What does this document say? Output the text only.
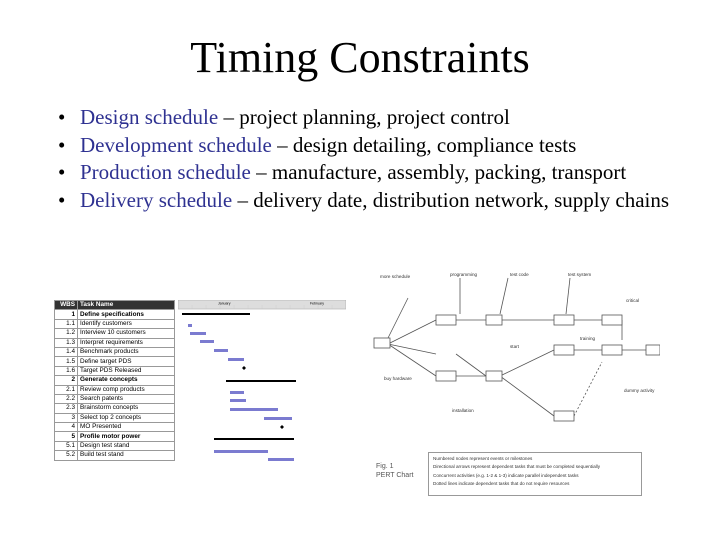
Timing Constraints
• Design schedule – project planning, project control
• Development schedule – design detailing, compliance tests
• Production schedule – manufacture, assembly, packing, transport
• Delivery schedule – delivery date, distribution network, supply chains
WBS	Task Name
1	Define specifications
1.1	Identify customers
1.2	Interview 10 customers
1.3	Interpret requirements
1.4	Benchmark products
1.5	Define target PDS
1.6	Target PDS Released
2	Generate concepts
2.1	Review comp products
2.2	Search patents
2.3	Brainstorm concepts
3	Select top 2 concepts
4	MO Presented
5	Profile motor power
5.1	Design test stand
5.2	Build test stand
January	February
more schedule	programming	test code	test system
buy hardware
start
critical
training
installation
dummy activity
Fig. 1
PERT Chart
Numbered nodes represent events or milestones
Directional arrows represent dependent tasks that must be completed sequentially
Concurrent activities (e.g. 1-2 & 1-3) indicate parallel independent tasks
Dotted lines indicate dependent tasks that do not require resources
